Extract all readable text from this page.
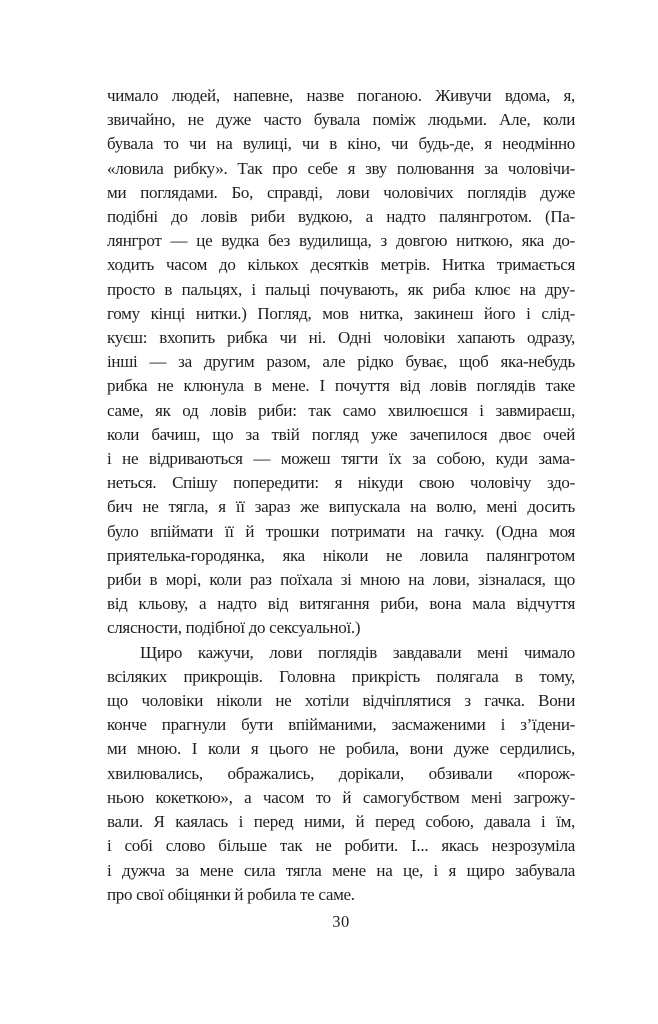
чимало людей, напевне, назве поганою. Живучи вдома, я,
звичайно, не дуже часто бувала поміж людьми. Але, коли
бувала то чи на вулиці, чи в кіно, чи будь-де, я неодмінно
«ловила рибку». Так про себе я зву полювання за чоловічи-
ми поглядами. Бо, справді, лови чоловічих поглядів дуже
подібні до ловів риби вудкою, а надто палянгротом. (Па-
лянгрот — це вудка без вудилища, з довгою ниткою, яка до-
ходить часом до кількох десятків метрів. Нитка тримається
просто в пальцях, і пальці почувають, як риба клює на дру-
гому кінці нитки.) Погляд, мов нитка, закинеш його і слід-
куєш: вхопить рибка чи ні. Одні чоловіки хапають одразу,
інші — за другим разом, але рідко буває, щоб яка-небудь
рибка не клюнула в мене. І почуття від ловів поглядів таке
саме, як од ловів риби: так само хвилюєшся і завмираєш,
коли бачиш, що за твій погляд уже зачепилося двоє очей
і не відриваються — можеш тягти їх за собою, куди зама-
неться. Спішу попередити: я нікуди свою чоловічу здо-
бич не тягла, я її зараз же випускала на волю, мені досить
було впіймати її й трошки потримати на гачку. (Одна моя
приятелька-городянка, яка ніколи не ловила палянгротом
риби в морі, коли раз поїхала зі мною на лови, зізналася, що
від кльову, а надто від витягання риби, вона мала відчуття
слясности, подібної до сексуальної.)
Щиро кажучи, лови поглядів завдавали мені чимало
всіляких прикрощів. Головна прикрість полягала в тому,
що чоловіки ніколи не хотіли відчіплятися з гачка. Вони
конче прагнули бути впійманими, засмаженими і з’їдени-
ми мною. І коли я цього не робила, вони дуже сердились,
хвилювались, ображались, дорікали, обзивали «порож-
ньою кокеткою», а часом то й самогубством мені загрожу-
вали. Я каялась і перед ними, й перед собою, давала і їм,
і собі слово більше так не робити. І... якась незрозуміла
і дужча за мене сила тягла мене на це, і я щиро забувала
про свої обіцянки й робила те саме.
30
